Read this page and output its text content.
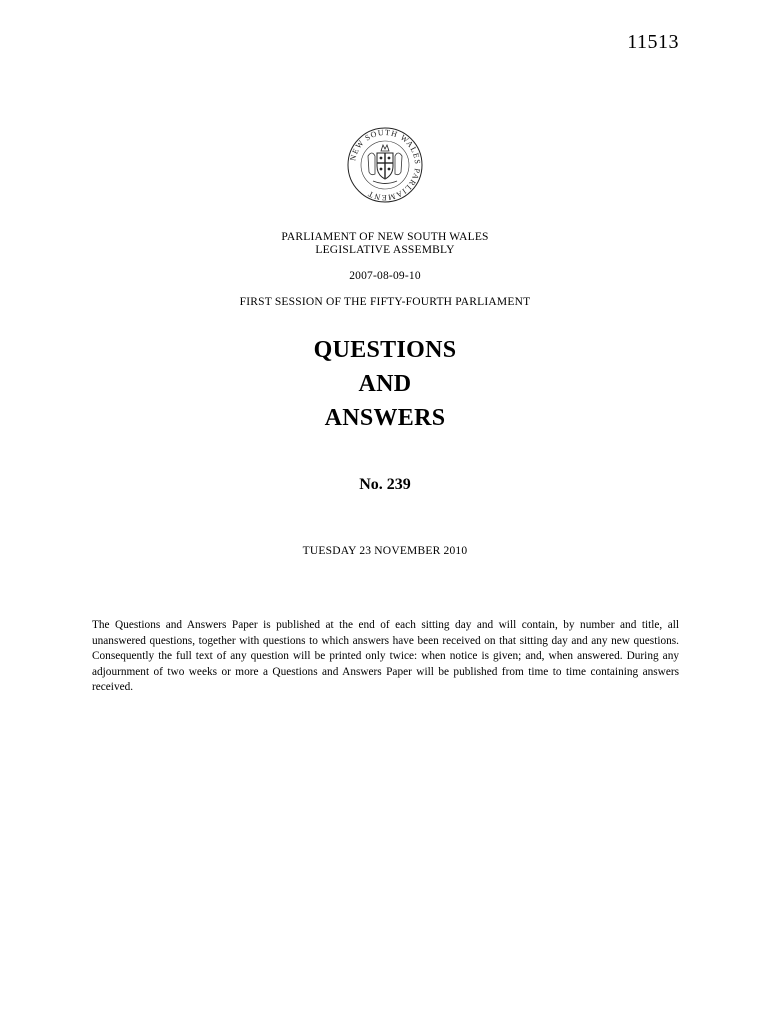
11513
NEW SOUTH WALES PARLIAMENT
PARLIAMENT OF NEW SOUTH WALES
LEGISLATIVE ASSEMBLY
2007-08-09-10
FIRST SESSION OF THE FIFTY-FOURTH PARLIAMENT
QUESTIONS
AND
ANSWERS
No. 239
TUESDAY 23 NOVEMBER 2010

The Questions and Answers Paper is published at the end of each sitting day and will contain, by number and title, all unanswered questions, together with questions to which answers have been received on that sitting day and any new questions. Consequently the full text of any question will be printed only twice: when notice is given; and, when answered. During any adjournment of two weeks or more a Questions and Answers Paper will be published from time to time containing answers received.
